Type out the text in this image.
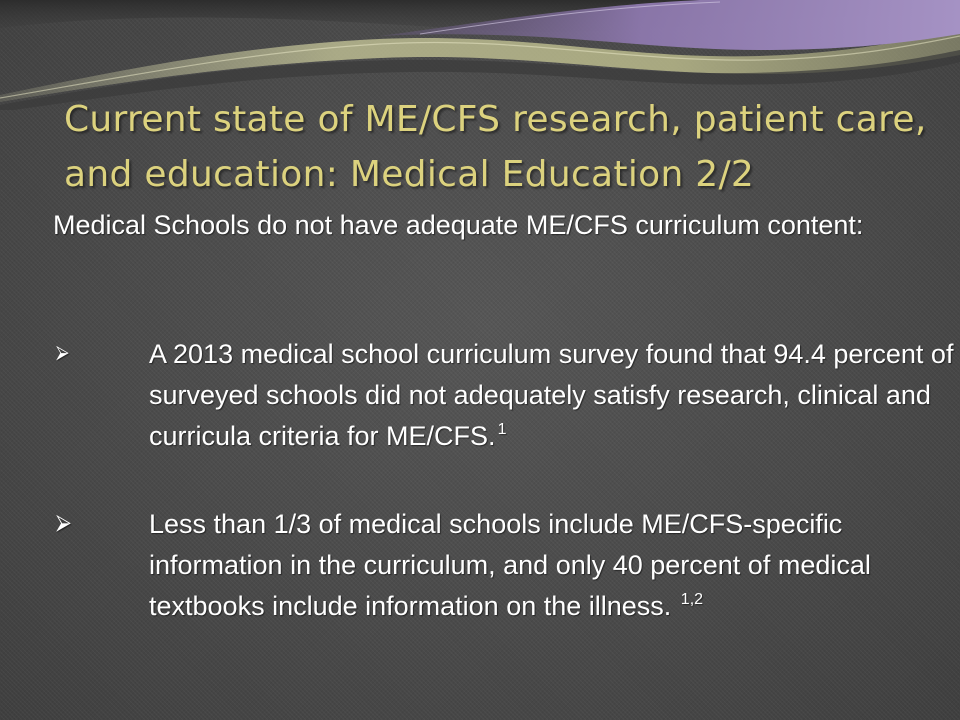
Current state of ME/CFS research, patient care, and education: Medical Education 2/2

Medical Schools do not have adequate ME/CFS curriculum content:

⮚	A 2013 medical school curriculum survey found that 94.4 percent of surveyed schools did not adequately satisfy research, clinical and curricula criteria for ME/CFS. $^1$
⮚	Less than 1/3 of medical schools include ME/CFS-specific information in the curriculum, and only 40 percent of medical textbooks include information on the illness. $^{1,2}$
